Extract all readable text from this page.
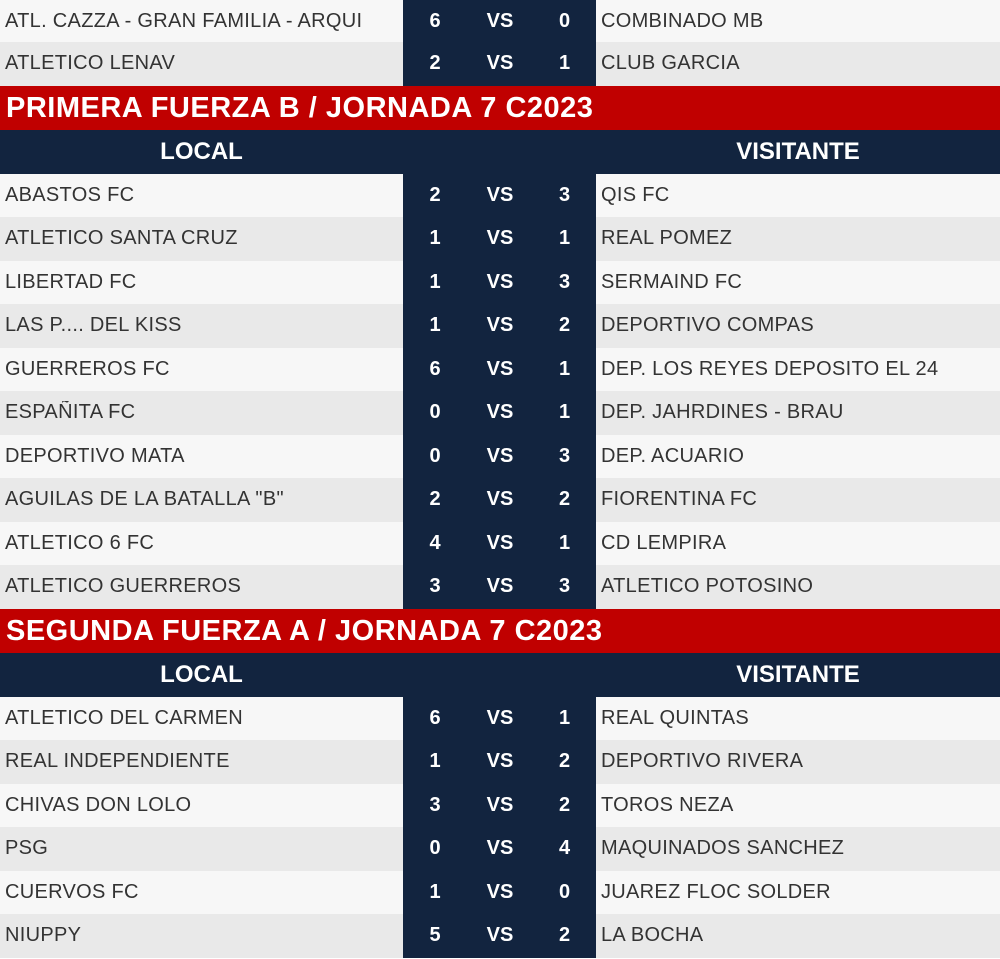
ATL. CAZZA - GRAN FAMILIA - ARQUI	6	VS	0	COMBINADO MB
ATLETICO LENAV	2	VS	1	CLUB GARCIA
PRIMERA FUERZA B / JORNADA 7 C2023
LOCAL	VISITANTE
ABASTOS FC	2	VS	3	QIS FC
ATLETICO SANTA CRUZ	1	VS	1	REAL POMEZ
LIBERTAD FC	1	VS	3	SERMAIND FC
LAS P.... DEL KISS	1	VS	2	DEPORTIVO COMPAS
GUERREROS FC	6	VS	1	DEP. LOS REYES DEPOSITO EL 24
ESPAÑITA FC	0	VS	1	DEP. JAHRDINES - BRAU
DEPORTIVO MATA	0	VS	3	DEP. ACUARIO
AGUILAS DE LA BATALLA "B"	2	VS	2	FIORENTINA FC
ATLETICO 6 FC	4	VS	1	CD LEMPIRA
ATLETICO GUERREROS	3	VS	3	ATLETICO POTOSINO
SEGUNDA FUERZA A / JORNADA 7 C2023
LOCAL	VISITANTE
ATLETICO DEL CARMEN	6	VS	1	REAL QUINTAS
REAL INDEPENDIENTE	1	VS	2	DEPORTIVO RIVERA
CHIVAS DON LOLO	3	VS	2	TOROS NEZA
PSG	0	VS	4	MAQUINADOS SANCHEZ
CUERVOS FC	1	VS	0	JUAREZ FLOC SOLDER
NIUPPY	5	VS	2	LA BOCHA
